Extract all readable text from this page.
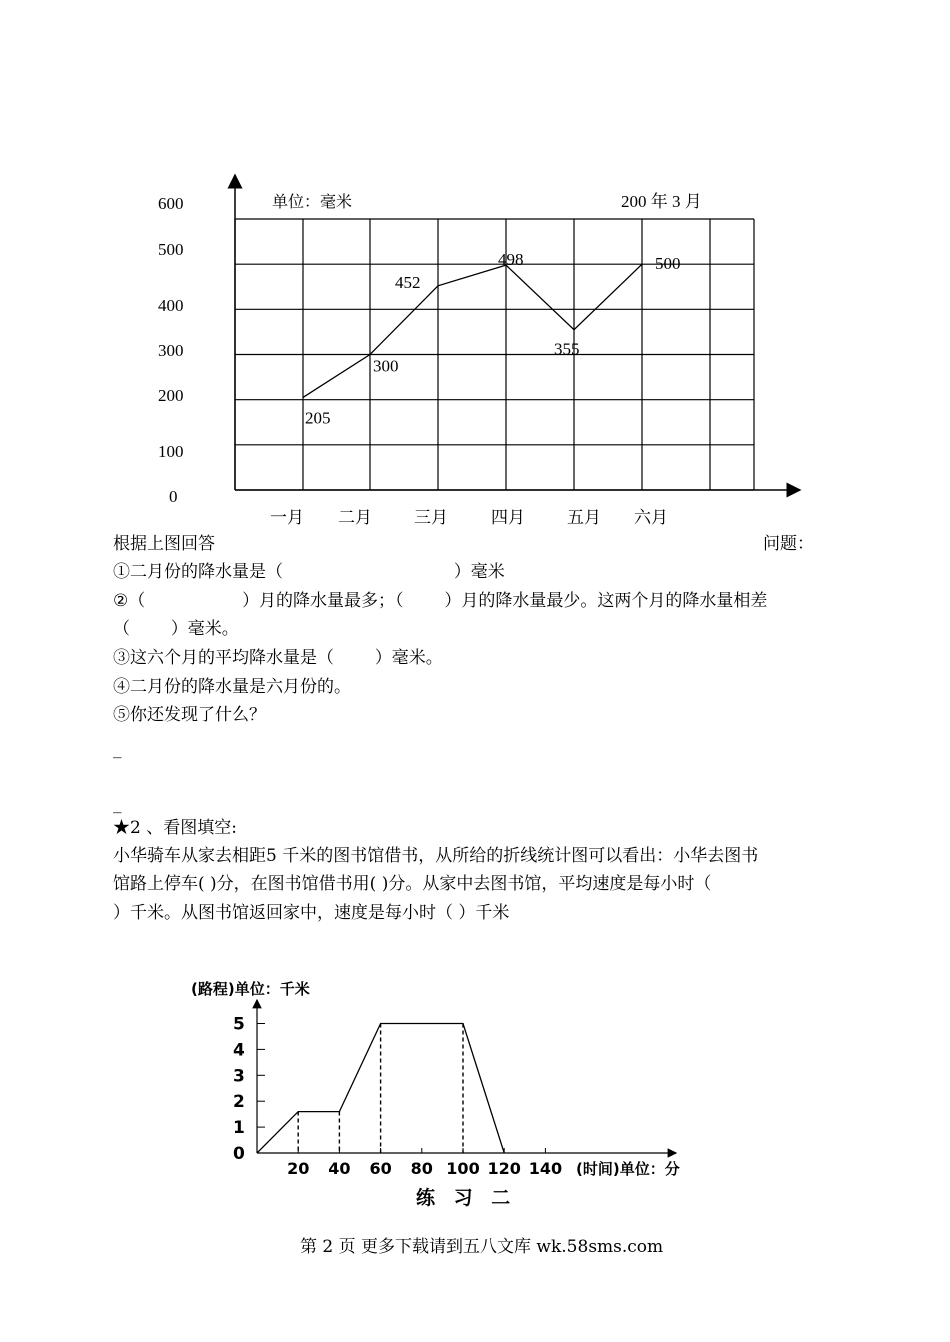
单位：毫米	200 年 3 月
600
500
400
300
200
100
0
一月 二月 三月	四月 五月 六月
205
300
452
498
355
500
根据上图回答	问题：
①二月份的降水量是（	）毫米
②（	）月的降水量最多；（ ）月的降水量最少。这两个月的降水量相差
（ ）毫米。
③这六个月的平均降水量是（ ）毫米。
④二月份的降水量是六月份的。
⑤你还发现了什么？
_
_
★2 、看图填空:
小华骑车从家去相距5 千米的图书馆借书，从所给的折线统计图可以看出：小华去图书
馆路上停车( )分，在图书馆借书用( )分。从家中去图书馆，平均速度是每小时（
）千米。从图书馆返回家中，速度是每小时（ ）千米
(路程)单位：千米
5
4
3
2
1
0
20 40 60 80 100 120 140 (时间)单位：分
练 习 二
第 2 页 更多下载请到五八文库 wk.58sms.com
